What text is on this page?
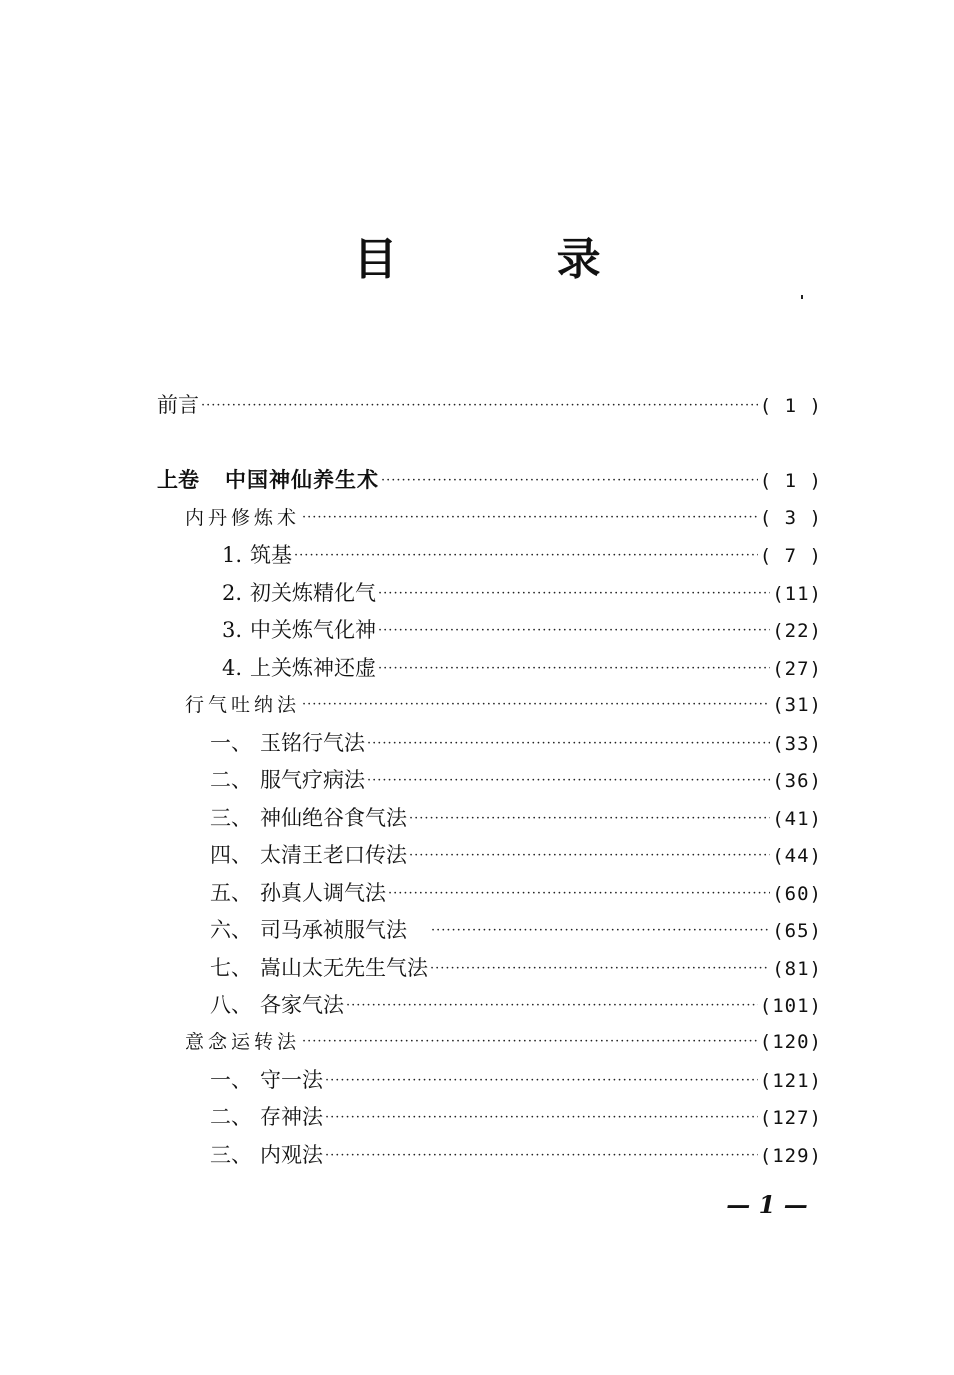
目 录
前言 ·····	( 1 )
上卷 中国神仙养生术 ·····	( 1 )
内丹修炼术 ·····	( 3 )
1. 筑基 ·····	( 7 )
2. 初关炼精化气 ·····	(11)
3. 中关炼气化神 ·····	(22)
4. 上关炼神还虚 ·····	(27)
行气吐纳法 ·····	(31)
一、 玉铭行气法 ·····	(33)
二、 服气疗病法 ·····	(36)
三、 神仙绝谷食气法 ·····	(41)
四、 太清王老口传法 ·····	(44)
五、 孙真人调气法 ·····	(60)
六、 司马承祯服气法 ·····	(65)
七、 嵩山太无先生气法 ·····	(81)
八、 各家气法 ·····	(101)
意念运转法 ·····	(120)
一、 守一法 ·····	(121)
二、 存神法 ·····	(127)
三、 内观法 ·····	(129)
— 1 —
